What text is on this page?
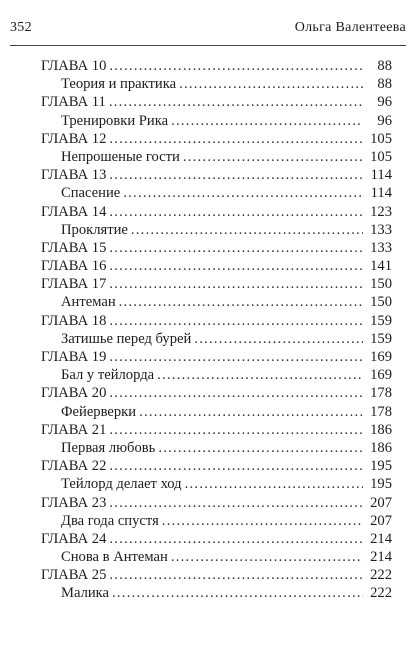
352	Ольга Валентеева
ГЛАВА 10 . . .	88
Теория и практика . . .	88
ГЛАВА 11 . . .	96
Тренировки Рика . . .	96
ГЛАВА 12 . . .	105
Непрошеные гости . . .	105
ГЛАВА 13 . . .	114
Спасение . . .	114
ГЛАВА 14 . . .	123
Проклятие . . .	133
ГЛАВА 15 . . .	133
ГЛАВА 16 . . .	141
ГЛАВА 17 . . .	150
Антеман . . .	150
ГЛАВА 18 . . .	159
Затишье перед бурей . . .	159
ГЛАВА 19 . . .	169
Бал у тейлорда . . .	169
ГЛАВА 20 . . .	178
Фейерверки . . .	178
ГЛАВА 21 . . .	186
Первая любовь . . .	186
ГЛАВА 22 . . .	195
Тейлорд делает ход . . .	195
ГЛАВА 23 . . .	207
Два года спустя . . .	207
ГЛАВА 24 . . .	214
Снова в Антеман . . .	214
ГЛАВА 25 . . .	222
Малика . . .	222
